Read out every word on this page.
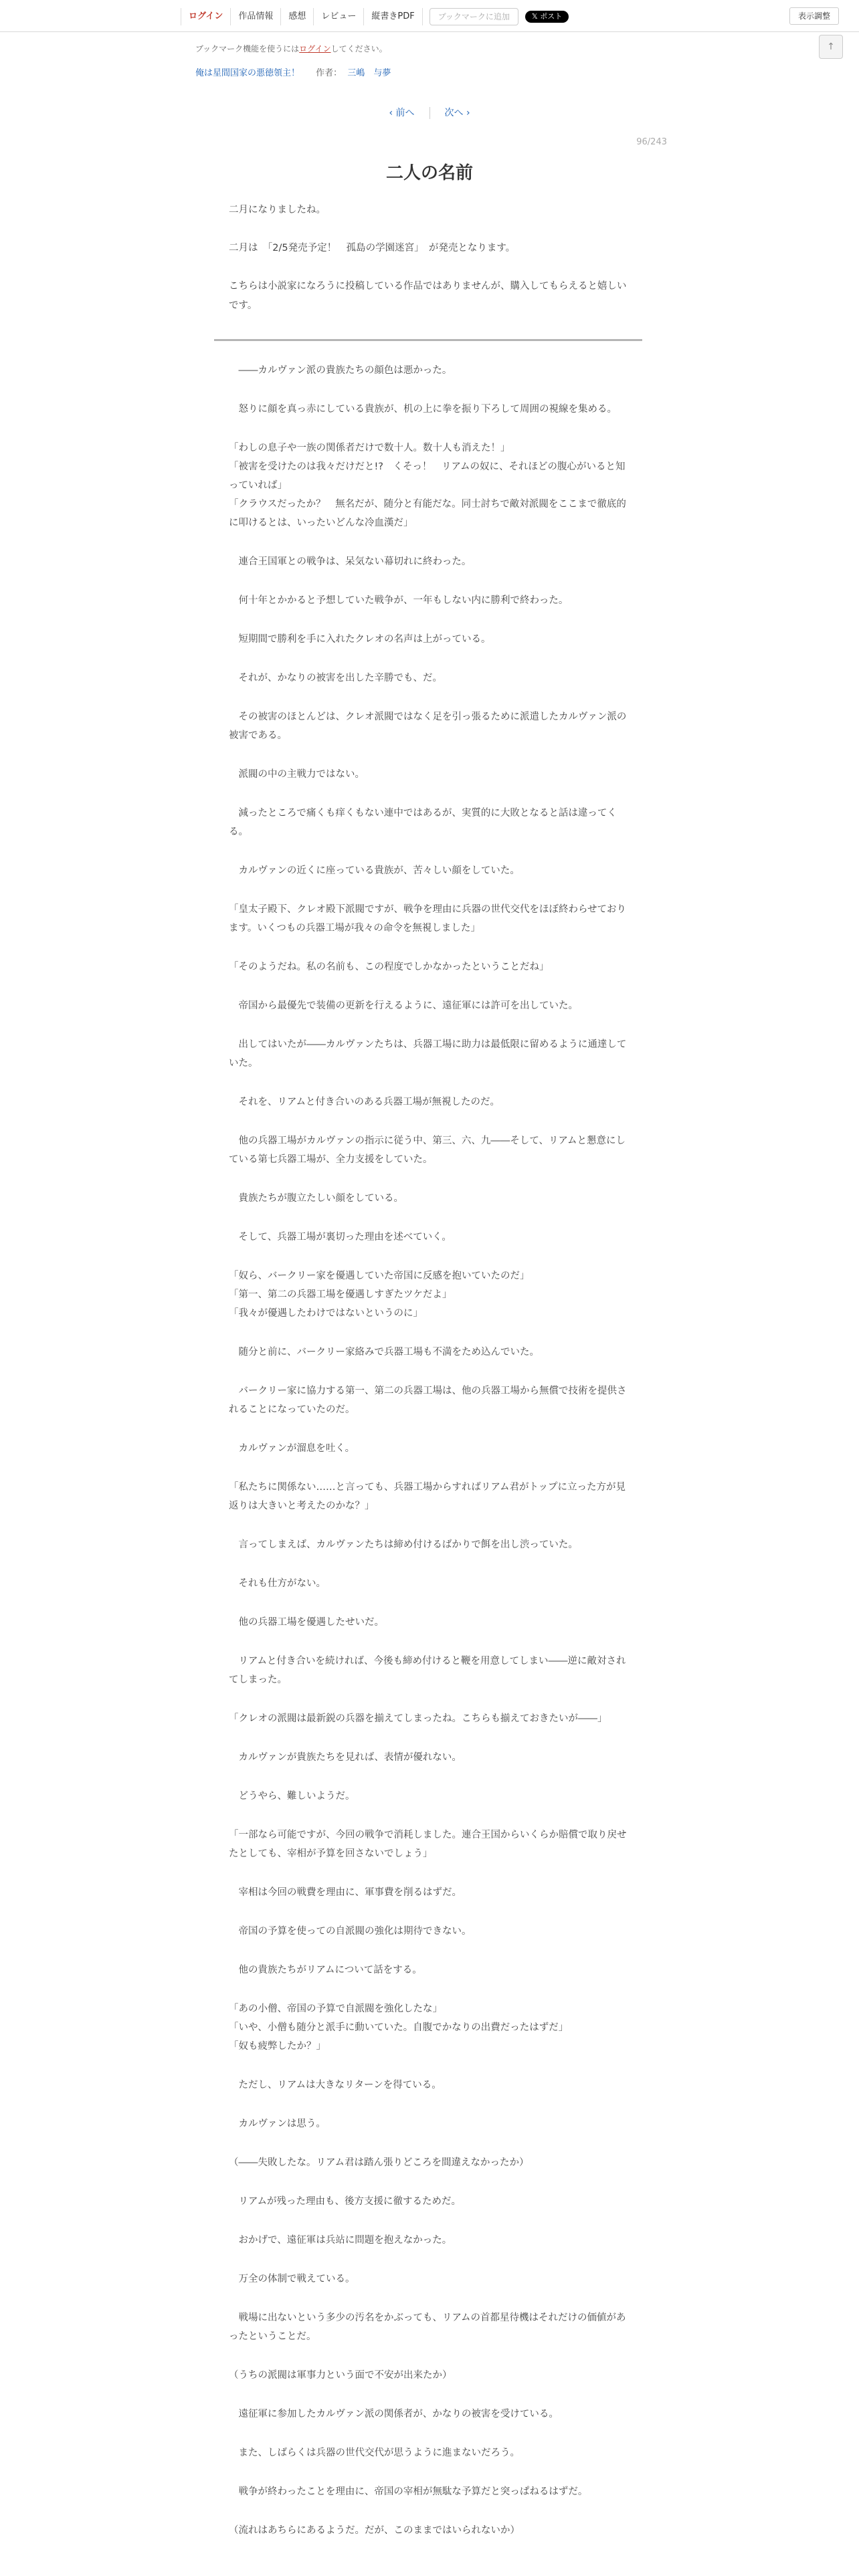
ログイン	作品情報	感想	レビュー	縦書きPDF	ブックマークに追加	𝕏 ポスト	表示調整
ブックマーク機能を使うにはログインしてください。	↑
俺は星間国家の悪徳領主！ 作者： 三嶋　与夢
‹ 前へ	次へ ›
96/243
二人の名前

二月になりましたね。

二月は　「2/5発売予定！　孤島の学園迷宮」　が発売となります。

こちらは小説家になろうに投稿している作品ではありませんが、購入してもらえると嬉しいです。

　――カルヴァン派の貴族たちの顔色は悪かった。

　怒りに顔を真っ赤にしている貴族が、机の上に拳を振り下ろして周囲の視線を集める。

「わしの息子や一族の関係者だけで数十人。数十人も消えた！」
「被害を受けたのは我々だけだと!?　くそっ！　リアムの奴に、それほどの腹心がいると知っていれば」
「クラウスだったか？　無名だが、随分と有能だな。同士討ちで敵対派閥をここまで徹底的に叩けるとは、いったいどんな冷血漢だ」

　連合王国軍との戦争は、呆気ない幕切れに終わった。

　何十年とかかると予想していた戦争が、一年もしない内に勝利で終わった。

　短期間で勝利を手に入れたクレオの名声は上がっている。

　それが、かなりの被害を出した辛勝でも、だ。

　その被害のほとんどは、クレオ派閥ではなく足を引っ張るために派遣したカルヴァン派の被害である。

　派閥の中の主戦力ではない。

　減ったところで痛くも痒くもない連中ではあるが、実質的に大敗となると話は違ってくる。

　カルヴァンの近くに座っている貴族が、苦々しい顔をしていた。

「皇太子殿下、クレオ殿下派閥ですが、戦争を理由に兵器の世代交代をほぼ終わらせております。いくつもの兵器工場が我々の命令を無視しました」

「そのようだね。私の名前も、この程度でしかなかったということだね」

　帝国から最優先で装備の更新を行えるように、遠征軍には許可を出していた。

　出してはいたが――カルヴァンたちは、兵器工場に助力は最低限に留めるように通達していた。

　それを、リアムと付き合いのある兵器工場が無視したのだ。

　他の兵器工場がカルヴァンの指示に従う中、第三、六、九――そして、リアムと懇意にしている第七兵器工場が、全力支援をしていた。

　貴族たちが腹立たしい顔をしている。

　そして、兵器工場が裏切った理由を述べていく。

「奴ら、バークリー家を優遇していた帝国に反感を抱いていたのだ」
「第一、第二の兵器工場を優遇しすぎたツケだよ」
「我々が優遇したわけではないというのに」

　随分と前に、バークリー家絡みで兵器工場も不満をため込んでいた。

　バークリー家に協力する第一、第二の兵器工場は、他の兵器工場から無償で技術を提供されることになっていたのだ。

　カルヴァンが溜息を吐く。

「私たちに関係ない……と言っても、兵器工場からすればリアム君がトップに立った方が見返りは大きいと考えたのかな？」

　言ってしまえば、カルヴァンたちは締め付けるばかりで餌を出し渋っていた。

　それも仕方がない。

　他の兵器工場を優遇したせいだ。

　リアムと付き合いを続ければ、今後も締め付けると鞭を用意してしまい――逆に敵対されてしまった。

「クレオの派閥は最新鋭の兵器を揃えてしまったね。こちらも揃えておきたいが――」

　カルヴァンが貴族たちを見れば、表情が優れない。

　どうやら、難しいようだ。

「一部なら可能ですが、今回の戦争で消耗しました。連合王国からいくらか賠償で取り戻せたとしても、宰相が予算を回さないでしょう」

　宰相は今回の戦費を理由に、軍事費を削るはずだ。

　帝国の予算を使っての自派閥の強化は期待できない。

　他の貴族たちがリアムについて話をする。

「あの小僧、帝国の予算で自派閥を強化したな」
「いや、小僧も随分と派手に動いていた。自腹でかなりの出費だったはずだ」
「奴も疲弊したか？」

　ただし、リアムは大きなリターンを得ている。

　カルヴァンは思う。

（――失敗したな。リアム君は踏ん張りどころを間違えなかったか）

　リアムが残った理由も、後方支援に徹するためだ。

　おかげで、遠征軍は兵站に問題を抱えなかった。

　万全の体制で戦えている。

　戦場に出ないという多少の汚名をかぶっても、リアムの首都星待機はそれだけの価値があったということだ。

（うちの派閥は軍事力という面で不安が出来たか）

　遠征軍に参加したカルヴァン派の関係者が、かなりの被害を受けている。

　また、しばらくは兵器の世代交代が思うように進まないだろう。

　戦争が終わったことを理由に、帝国の宰相が無駄な予算だと突っぱねるはずだ。

（流れはあちらにあるようだ。だが、このままではいられないか）
